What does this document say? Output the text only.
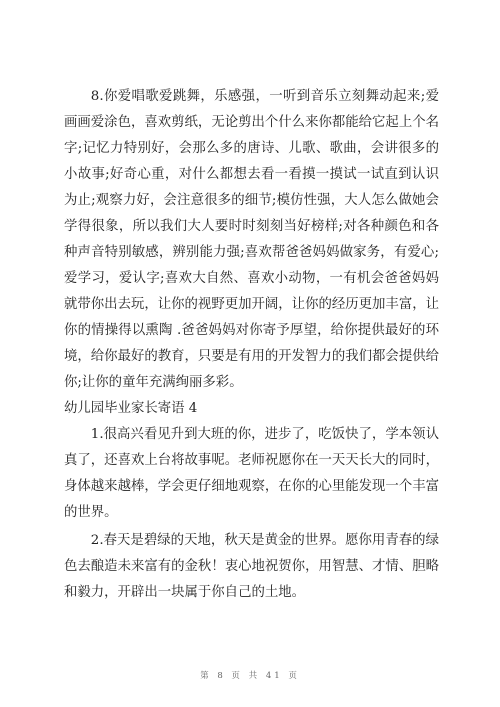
8.你爱唱歌爱跳舞，乐感强，一听到音乐立刻舞动起来;爱画画爱涂色，喜欢剪纸，无论剪出个什么来你都能给它起上个名字;记忆力特别好，会那么多的唐诗、儿歌、歌曲，会讲很多的小故事;好奇心重，对什么都想去看一看摸一摸试一试直到认识为止;观察力好，会注意很多的细节;模仿性强，大人怎么做她会学得很象，所以我们大人要时时刻刻当好榜样;对各种颜色和各种声音特别敏感，辨别能力强;喜欢帮爸爸妈妈做家务，有爱心;爱学习，爱认字;喜欢大自然、喜欢小动物，一有机会爸爸妈妈就带你出去玩，让你的视野更加开阔，让你的经历更加丰富，让你的情操得以熏陶 .爸爸妈妈对你寄予厚望，给你提供最好的环境，给你最好的教育，只要是有用的开发智力的我们都会提供给你;让你的童年充满绚丽多彩。

幼儿园毕业家长寄语 4

1.很高兴看见升到大班的你，进步了，吃饭快了，学本领认真了，还喜欢上台将故事呢。老师祝愿你在一天天长大的同时，身体越来越棒，学会更仔细地观察，在你的心里能发现一个丰富的世界。

2.春天是碧绿的天地，秋天是黄金的世界。愿你用青春的绿色去酿造未来富有的金秋！衷心地祝贺你，用智慧、才情、胆略和毅力，开辟出一块属于你自己的土地。

第 8 页 共 41 页
